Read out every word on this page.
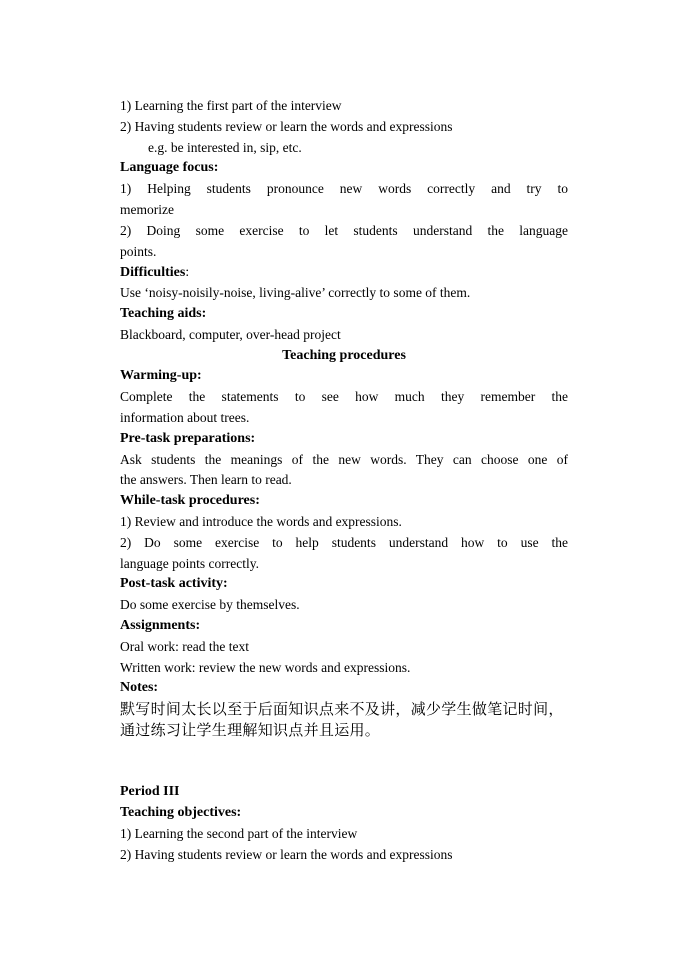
1) Learning the first part of the interview
2) Having students review or learn the words and expressions
e.g. be interested in, sip, etc.
Language focus:
1) Helping students pronounce new words correctly and try to
memorize
2) Doing some exercise to let students understand the language
points.
Difficulties:
Use ‘noisy-noisily-noise, living-alive’ correctly to some of them.
Teaching aids:
Blackboard, computer, over-head project
Teaching procedures
Warming-up:
Complete the statements to see how much they remember the
information about trees.
Pre-task preparations:
Ask students the meanings of the new words. They can choose one of
the answers. Then learn to read.
While-task procedures:
1) Review and introduce the words and expressions.
2) Do some exercise to help students understand how to use the
language points correctly.
Post-task activity:
Do some exercise by themselves.
Assignments:
Oral work: read the text
Written work: review the new words and expressions.
Notes:
默写时间太长以至于后面知识点来不及讲，减少学生做笔记时间，
通过练习让学生理解知识点并且运用。
Period III
Teaching objectives:
1) Learning the second part of the interview
2) Having students review or learn the words and expressions
